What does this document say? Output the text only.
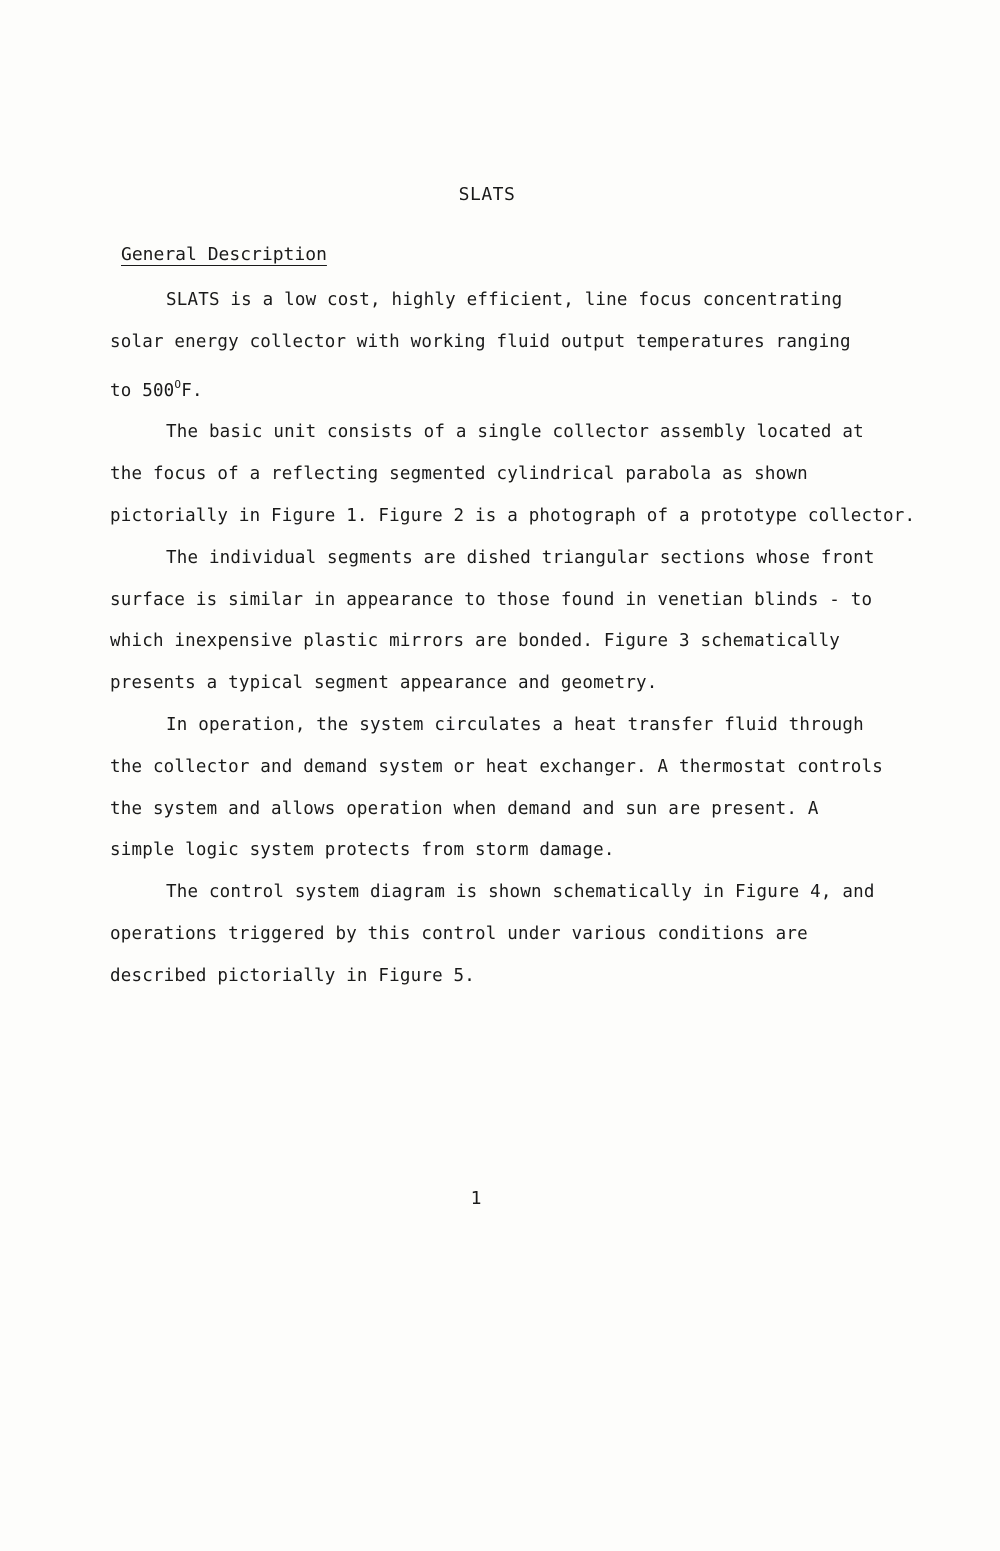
SLATS
General Description

SLATS is a low cost, highly efficient, line focus concentrating
solar energy collector with working fluid output temperatures ranging
to $500^OF$.

The basic unit consists of a single collector assembly located at
the focus of a reflecting segmented cylindrical parabola as shown
pictorially in Figure 1. Figure 2 is a photograph of a prototype collector.

The individual segments are dished triangular sections whose front
surface is similar in appearance to those found in venetian blinds - to
which inexpensive plastic mirrors are bonded. Figure 3 schematically
presents a typical segment appearance and geometry.

In operation, the system circulates a heat transfer fluid through
the collector and demand system or heat exchanger. A thermostat controls
the system and allows operation when demand and sun are present. A
simple logic system protects from storm damage.

The control system diagram is shown schematically in Figure 4, and
operations triggered by this control under various conditions are
described pictorially in Figure 5.

1
